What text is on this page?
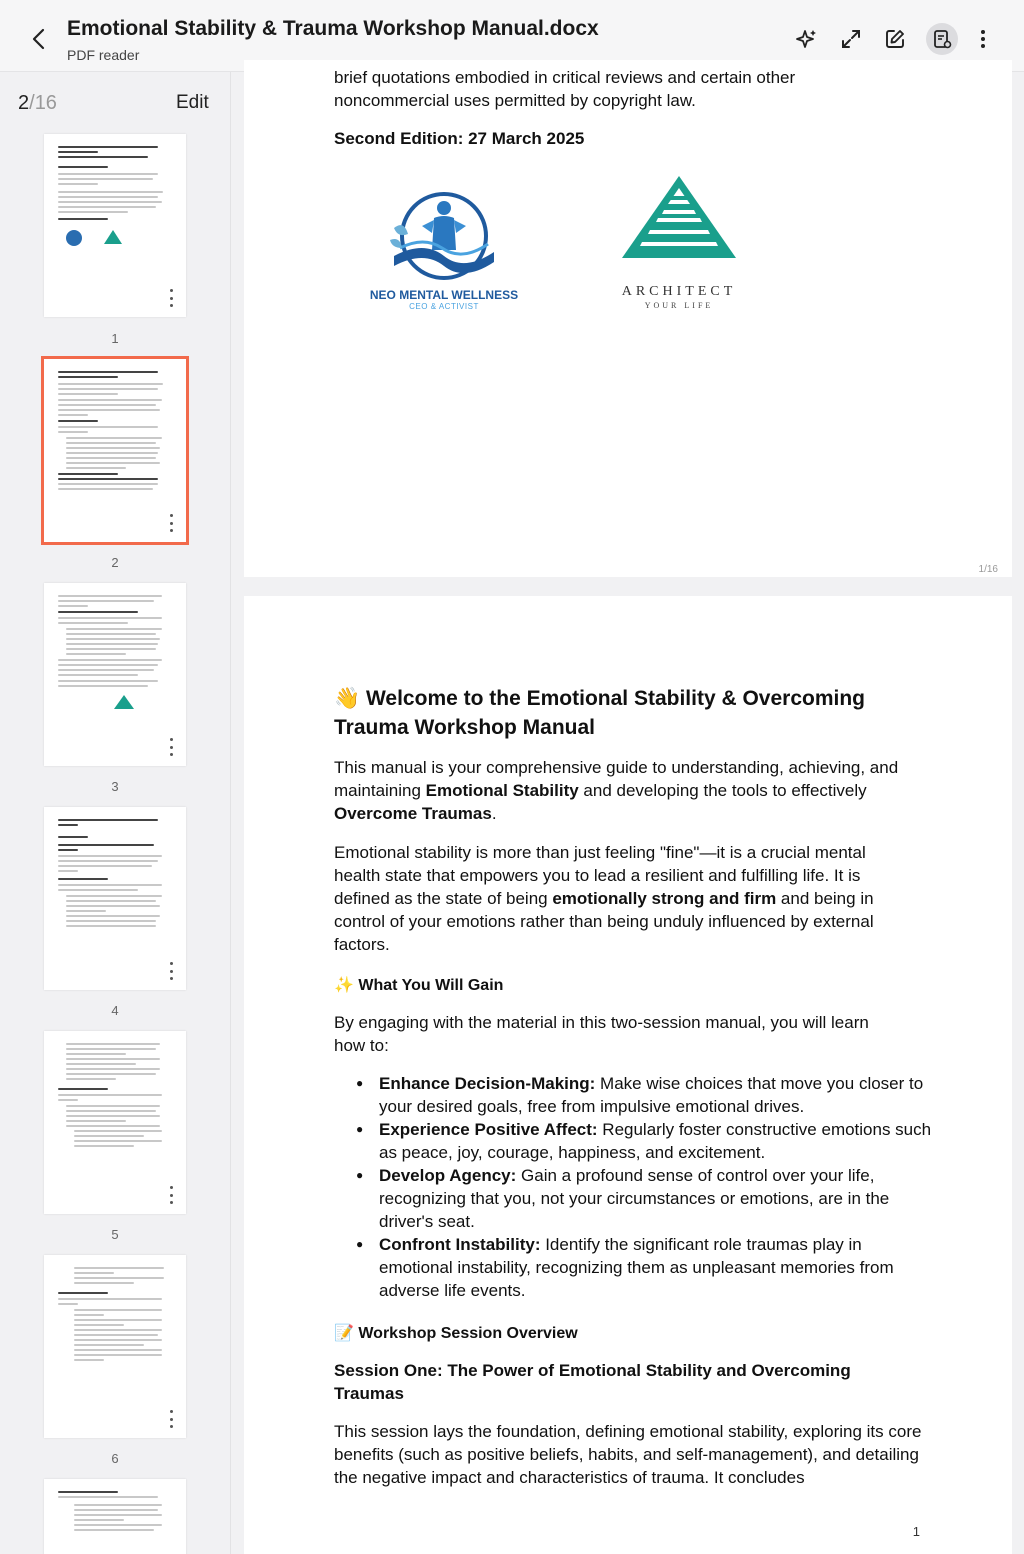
Emotional Stability & Trauma Workshop Manual.docx
PDF reader
2/16	Edit
1
2
3
4
5
6
brief quotations embodied in critical reviews and certain other
noncommercial uses permitted by copyright law.
Second Edition: 27 March 2025
NEO MENTAL WELLNESS
CEO & ACTIVIST
ARCHITECT
YOUR LIFE
1/16
👋 Welcome to the Emotional Stability & Overcoming Trauma Workshop Manual
This manual is your comprehensive guide to understanding, achieving, and maintaining Emotional Stability and developing the tools to effectively Overcome Traumas.
Emotional stability is more than just feeling "fine"—it is a crucial mental health state that empowers you to lead a resilient and fulfilling life. It is defined as the state of being emotionally strong and firm and being in control of your emotions rather than being unduly influenced by external factors.
✨ What You Will Gain
By engaging with the material in this two-session manual, you will learn how to:
● Enhance Decision-Making: Make wise choices that move you closer to your desired goals, free from impulsive emotional drives.
● Experience Positive Affect: Regularly foster constructive emotions such as peace, joy, courage, happiness, and excitement.
● Develop Agency: Gain a profound sense of control over your life, recognizing that you, not your circumstances or emotions, are in the driver's seat.
● Confront Instability: Identify the significant role traumas play in emotional instability, recognizing them as unpleasant memories from adverse life events.
📝 Workshop Session Overview
Session One: The Power of Emotional Stability and Overcoming Traumas
This session lays the foundation, defining emotional stability, exploring its core benefits (such as positive beliefs, habits, and self-management), and detailing the negative impact and characteristics of trauma. It concludes
1
